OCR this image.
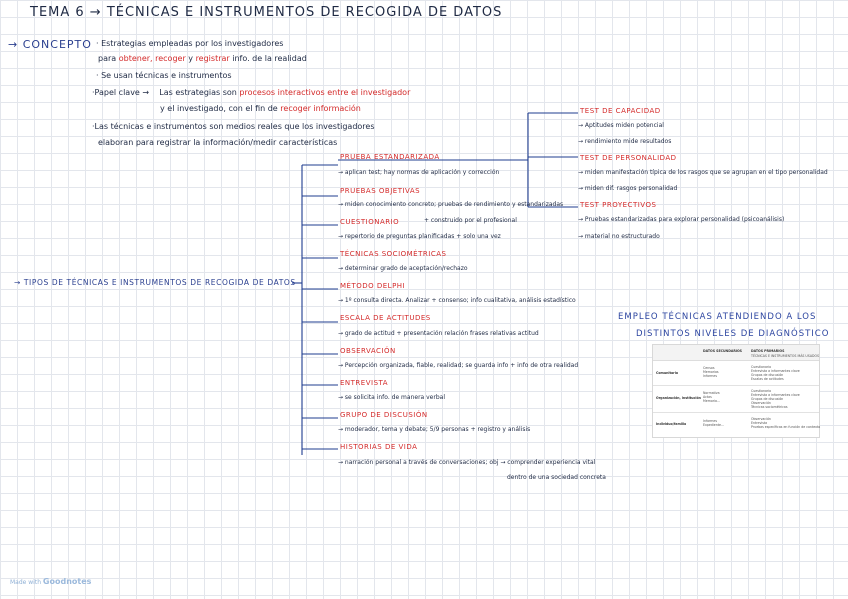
TEMA 6 → TÉCNICAS E INSTRUMENTOS DE RECOGIDA DE DATOS
→ CONCEPTO · Estrategias empleadas por los investigadores
para obtener, recoger y registrar info. de la realidad
· Se usan técnicas e instrumentos
·Papel clave → Las estrategias son procesos interactivos entre el investigador
y el investigado, con el fin de recoger información
·Las técnicas e instrumentos son medios reales que los investigadores
elaboran para registrar la información/medir características
→ TIPOS DE TÉCNICAS E INSTRUMENTOS DE RECOGIDA DE DATOS
PRUEBA ESTANDARIZADA
→ aplican test; hay normas de aplicación y corrección
PRUEBAS OBJETIVAS
→ miden conocimiento concreto; pruebas de rendimiento y estandarizadas
CUESTIONARIO	+ construido por el profesional
→ repertorio de preguntas planificadas + solo una vez
TÉCNICAS SOCIOMÉTRICAS
→ determinar grado de aceptación/rechazo
MÉTODO DELPHI
→ 1º consulta directa. Analizar + consenso; info cualitativa, análisis estadístico
ESCALA DE ACTITUDES
→ grado de actitud + presentación relación frases relativas actitud
OBSERVACIÓN
→ Percepción organizada, fiable, realidad; se guarda info + info de otra realidad
ENTREVISTA
→ se solicita info. de manera verbal
GRUPO DE DISCUSIÓN
→ moderador, tema y debate; 5/9 personas + registro y análisis
HISTORIAS DE VIDA
→ narración personal a través de conversaciones; obj → comprender experiencia vital
dentro de una sociedad concreta
TEST DE CAPACIDAD
→ Aptitudes miden potencial
→ rendimiento mide resultados
TEST DE PERSONALIDAD
→ miden manifestación típica de los rasgos que se agrupan en el tipo personalidad
→ miden dif. rasgos personalidad
TEST PROYECTIVOS
→ Pruebas estandarizadas para explorar personalidad (psicoanálisis)
→ material no estructurado
EMPLEO TÉCNICAS ATENDIENDO A LOS
DISTINTOS NIVELES DE DIAGNÓSTICO
DATOS SECUNDARIOS	DATOS PRIMARIOS
TÉCNICAS E INSTRUMENTOS MÁS USADOS
Comunitario
Censos
Memorias
Informes
Cuestionario
Entrevista a informantes clave
Grupos de discusión
Escalas de actitudes
Organización, institución
Normativa
Actas
Memoria...
Cuestionario
Entrevista a informantes clave
Grupos de discusión
Observación
Técnicas sociométricas
Individuo/familia
Informes
Expediente...
Observación
Entrevista
Pruebas específicas en función de contexto
Made with Goodnotes
